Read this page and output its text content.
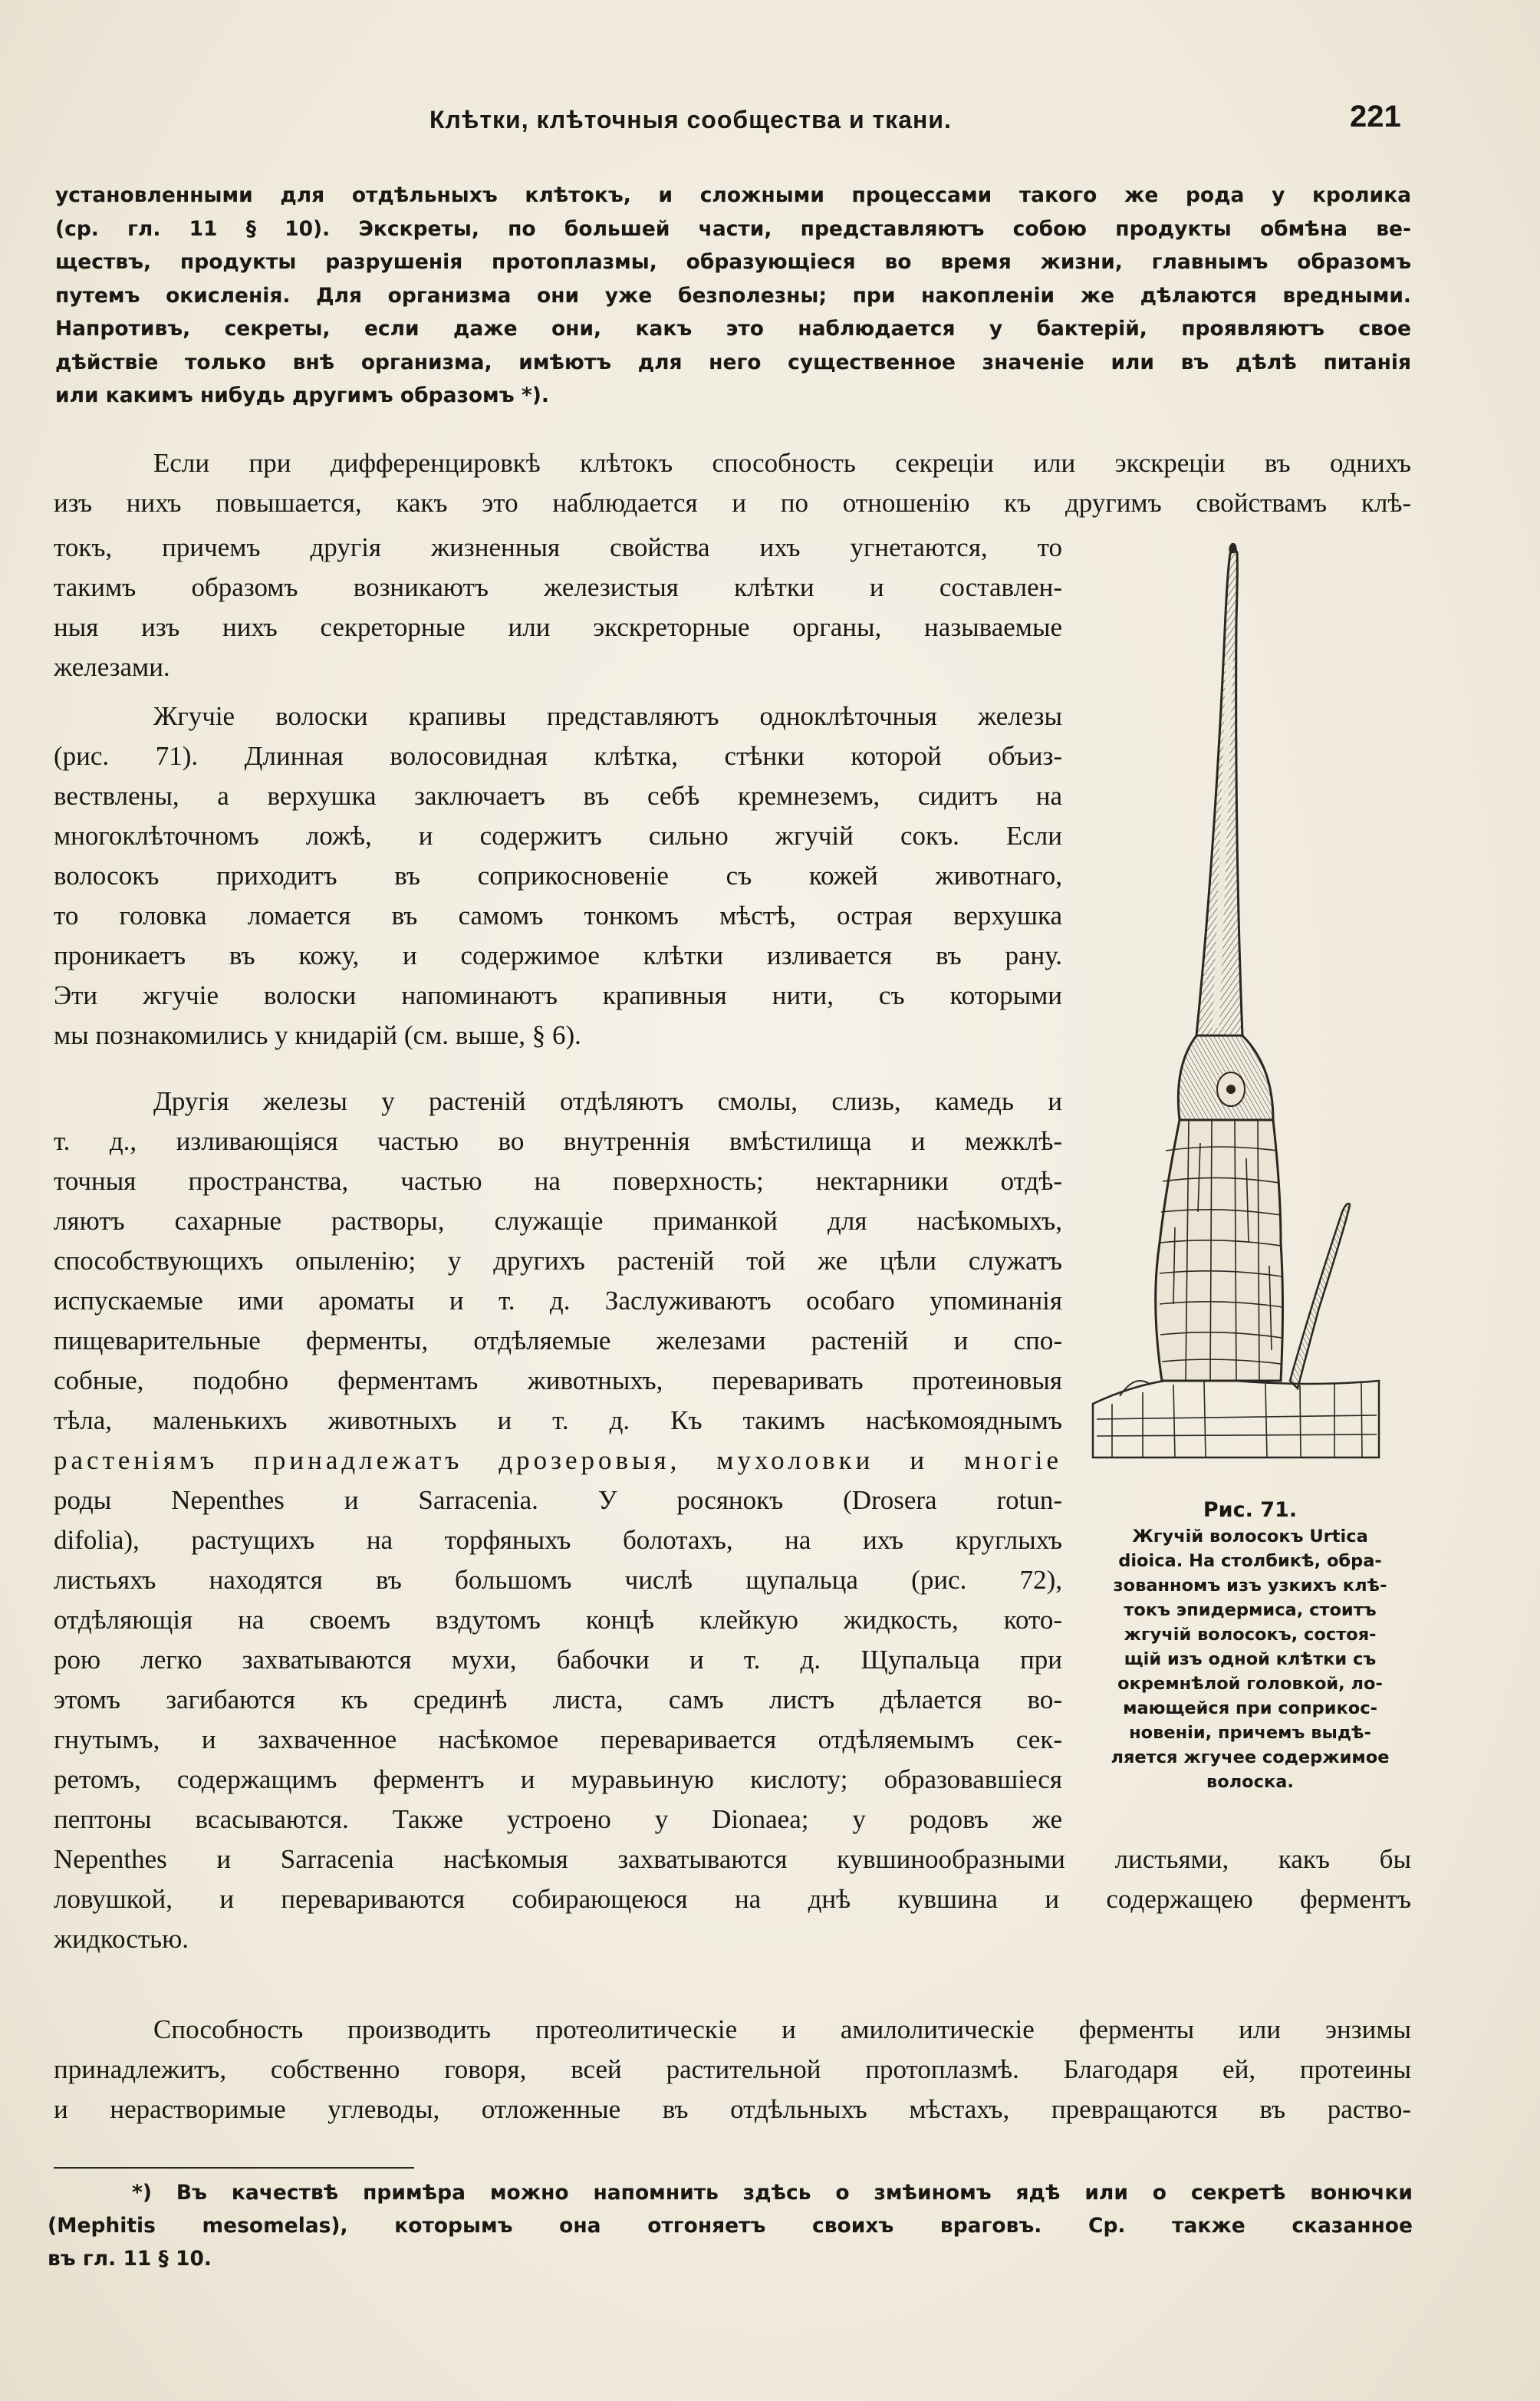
Клѣтки, клѣточныя сообщества и ткани.	221
установленными для отдѣльныхъ клѣтокъ, и сложными процессами такого же рода у кролика
(ср. гл. 11 § 10). Экскреты, по большей части, представляютъ собою продукты обмѣна ве-
ществъ, продукты разрушенія протоплазмы, образующіеся во время жизни, главнымъ образомъ
путемъ окисленія. Для организма они уже безполезны; при накопленіи же дѣлаются вредными.
Напротивъ, секреты, если даже они, какъ это наблюдается у бактерій, проявляютъ свое
дѣйствіе только внѣ организма, имѣютъ для него существенное значеніе или въ дѣлѣ питанія
или какимъ нибудь другимъ образомъ *).
Если при дифференцировкѣ клѣтокъ способность секреціи или экскреціи въ однихъ
изъ нихъ повышается, какъ это наблюдается и по отношенію къ другимъ свойствамъ клѣ-
токъ, причемъ другія жизненныя свойства ихъ угнетаются, то
такимъ образомъ возникаютъ железистыя клѣтки и составлен-
ныя изъ нихъ секреторные или экскреторные органы, называемые
железами.
Жгучіе волоски крапивы представляютъ одноклѣточныя железы
(рис. 71). Длинная волосовидная клѣтка, стѣнки которой объиз-
вествлены, а верхушка заключаетъ въ себѣ кремнеземъ, сидитъ на
многоклѣточномъ ложѣ, и содержитъ сильно жгучій сокъ. Если
волосокъ приходитъ въ соприкосновеніе съ кожей животнаго,
то головка ломается въ самомъ тонкомъ мѣстѣ, острая верхушка
проникаетъ въ кожу, и содержимое клѣтки изливается въ рану.
Эти жгучіе волоски напоминаютъ крапивныя нити, съ которыми
мы познакомились у книдарій (см. выше, § 6).
Другія железы у растеній отдѣляютъ смолы, слизь, камедь и
т. д., изливающіяся частью во внутреннія вмѣстилища и межклѣ-
точныя пространства, частью на поверхность; нектарники отдѣ-
ляютъ сахарные растворы, служащіе приманкой для насѣкомыхъ,
способствующихъ опыленію; у другихъ растеній той же цѣли служатъ
испускаемые ими ароматы и т. д. Заслуживаютъ особаго упоминанія
пищеварительные ферменты, отдѣляемые железами растеній и спо-
собные, подобно ферментамъ животныхъ, переваривать протеиновыя
тѣла, маленькихъ животныхъ и т. д. Къ такимъ насѣкомояднымъ
растеніямъ принадлежатъ дрозеровыя, мухоловки и многіе
роды Nepenthes и Sarracenia. У росянокъ (Drosera rotun-
difolia), растущихъ на торфяныхъ болотахъ, на ихъ круглыхъ
листьяхъ находятся въ большомъ числѣ щупальца (рис. 72),
отдѣляющія на своемъ вздутомъ концѣ клейкую жидкость, кото-
рою легко захватываются мухи, бабочки и т. д. Щупальца при
этомъ загибаются къ срединѣ листа, самъ листъ дѣлается во-
гнутымъ, и захваченное насѣкомое переваривается отдѣляемымъ сек-
ретомъ, содержащимъ ферментъ и муравьиную кислоту; образовавшіеся
пептоны всасываются. Также устроено у Dionaea; у родовъ же
Nepenthes и Sarracenia насѣкомыя захватываются кувшинообразными листьями, какъ бы
ловушкой, и перевариваются собирающеюся на днѣ кувшина и содержащею ферментъ
жидкостью.
Способность производить протеолитическіе и амилолитическіе ферменты или энзимы
принадлежитъ, собственно говоря, всей растительной протоплазмѣ. Благодаря ей, протеины
и нерастворимые углеводы, отложенные въ отдѣльныхъ мѣстахъ, превращаются въ раство-
Рис. 71.
Жгучій волосокъ Urtica
dioica. На столбикѣ, обра-
зованномъ изъ узкихъ клѣ-
токъ эпидермиса, стоитъ
жгучій волосокъ, состоя-
щій изъ одной клѣтки съ
окремнѣлой головкой, ло-
мающейся при соприкос-
новеніи, причемъ выдѣ-
ляется жгучее содержимое
волоска.
*) Въ качествѣ примѣра можно напомнить здѣсь о змѣиномъ ядѣ или о секретѣ вонючки
(Mephitis mesomelas), которымъ она отгоняетъ своихъ враговъ. Ср. также сказанное
въ гл. 11 § 10.
